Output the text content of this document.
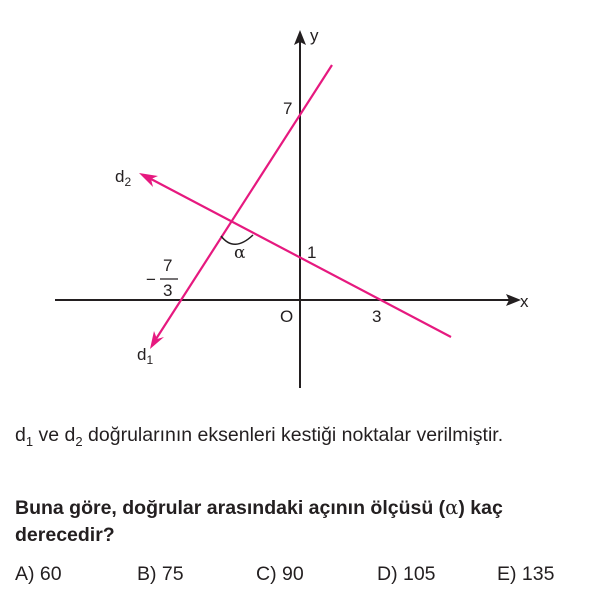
y
x
O
7
1
3
−
7
3
$d_2$
$d_1$
α
$d_1$ ve $d_2$ doğrularının eksenleri kestiği noktalar verilmiştir.
Buna göre, doğrular arasındaki açının ölçüsü (α) kaç derecedir?
A) 60	B) 75	C) 90	D) 105	E) 135
